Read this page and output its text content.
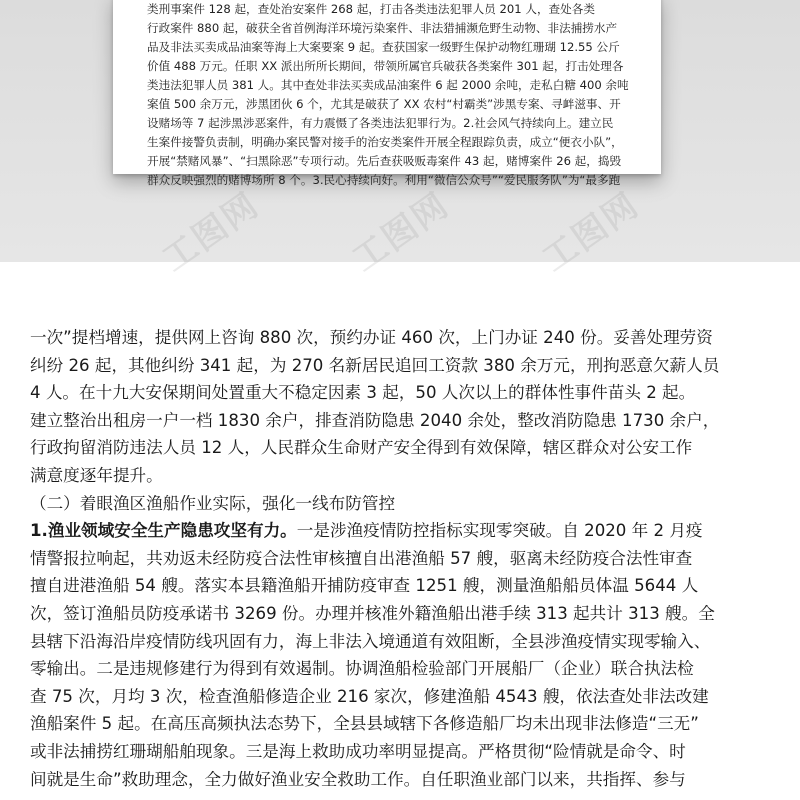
类刑事案件 128 起，查处治安案件 268 起，打击各类违法犯罪人员 201 人，查处各类
行政案件 880 起，破获全省首例海洋环境污染案件、非法猎捕濒危野生动物、非法捕捞水产
品及非法买卖成品油案等海上大案要案 9 起。查获国家一级野生保护动物红珊瑚 12.55 公斤
价值 488 万元。任职 XX 派出所所长期间，带领所属官兵破获各类案件 301 起，打击处理各
类违法犯罪人员 381 人。其中查处非法买卖成品油案件 6 起 2000 余吨，走私白糖 400 余吨
案值 500 余万元，涉黑团伙 6 个，尤其是破获了 XX 农村“村霸类”涉黑专案、寻衅滋事、开
设赌场等 7 起涉黑涉恶案件，有力震慑了各类违法犯罪行为。2.社会风气持续向上。建立民
生案件接警负责制，明确办案民警对接手的治安类案件开展全程跟踪负责，成立“便衣小队”，
开展“禁赌风暴”、“扫黑除恶”专项行动。先后查获吸贩毒案件 43 起，赌博案件 26 起，捣毁
群众反映强烈的赌博场所 8 个。3.民心持续向好。利用“微信公众号”“爱民服务队”为“最多跑
一次”提档增速，提供网上咨询 880 次，预约办证 460 次，上门办证 240 份。妥善处理劳资
纠纷 26 起，其他纠纷 341 起，为 270 名新居民追回工资款 380 余万元，刑拘恶意欠薪人员
4 人。在十九大安保期间处置重大不稳定因素 3 起，50 人次以上的群体性事件苗头 2 起。
建立整治出租房一户一档 1830 余户，排查消防隐患 2040 余处，整改消防隐患 1730 余户，
行政拘留消防违法人员 12 人，人民群众生命财产安全得到有效保障，辖区群众对公安工作
满意度逐年提升。
（二）着眼渔区渔船作业实际，强化一线布防管控
1.渔业领域安全生产隐患攻坚有力。一是涉渔疫情防控指标实现零突破。自 2020 年 2 月疫
情警报拉响起，共劝返未经防疫合法性审核擅自出港渔船 57 艘，驱离未经防疫合法性审查
擅自进港渔船 54 艘。落实本县籍渔船开捕防疫审查 1251 艘，测量渔船船员体温 5644 人
次，签订渔船员防疫承诺书 3269 份。办理并核准外籍渔船出港手续 313 起共计 313 艘。全
县辖下沿海沿岸疫情防线巩固有力，海上非法入境通道有效阻断，全县涉渔疫情实现零输入、
零输出。二是违规修建行为得到有效遏制。协调渔船检验部门开展船厂（企业）联合执法检
查 75 次，月均 3 次，检查渔船修造企业 216 家次，修建渔船 4543 艘，依法查处非法改建
渔船案件 5 起。在高压高频执法态势下，全县县域辖下各修造船厂均未出现非法修造“三无”
或非法捕捞红珊瑚船舶现象。三是海上救助成功率明显提高。严格贯彻“险情就是命令、时
间就是生命”救助理念，全力做好渔业安全救助工作。自任职渔业部门以来，共指挥、参与
